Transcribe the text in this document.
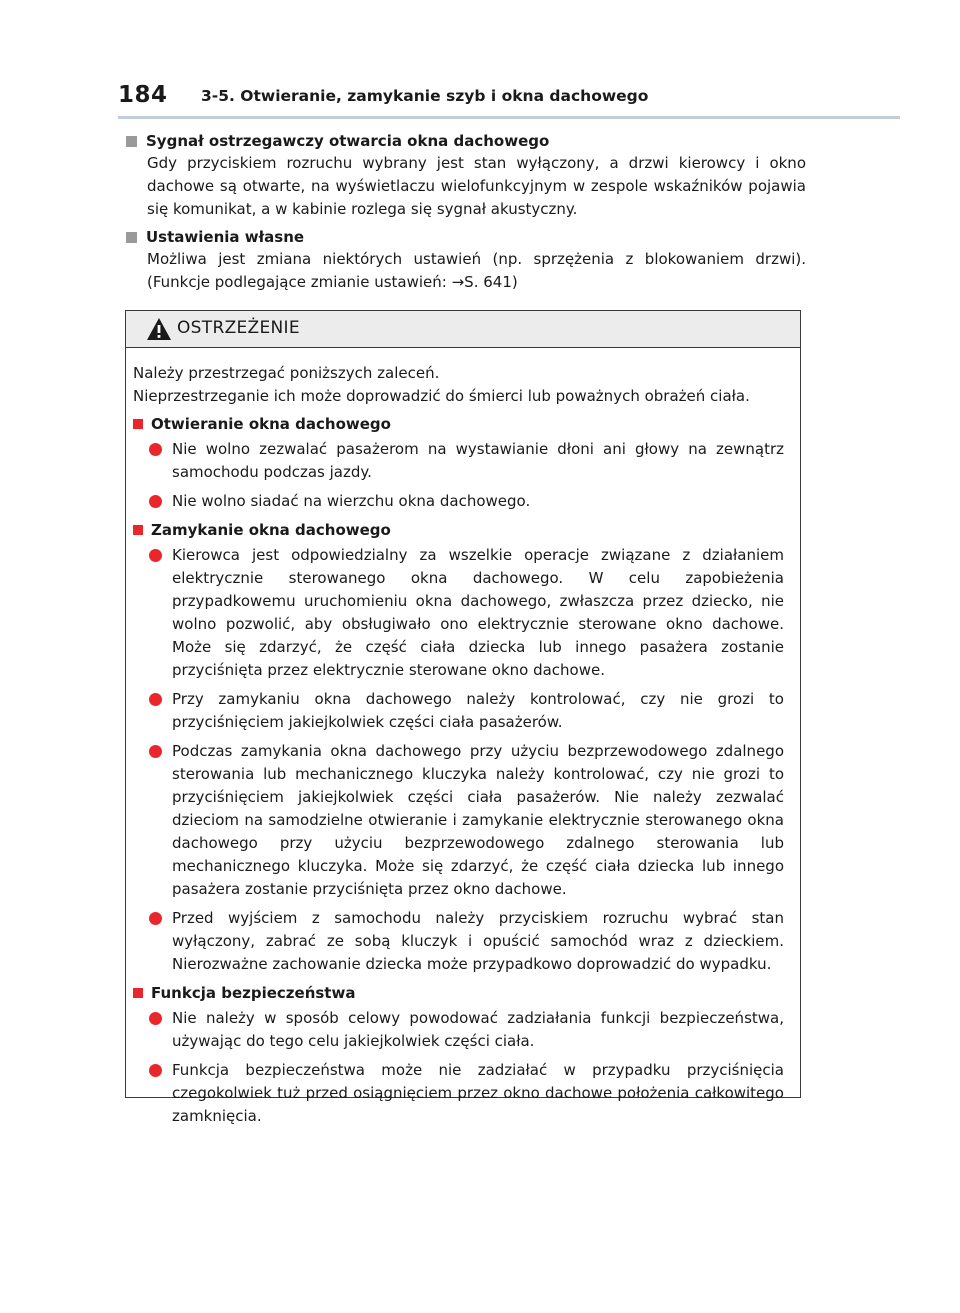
184 3-5. Otwieranie, zamykanie szyb i okna dachowego
Sygnał ostrzegawczy otwarcia okna dachowego
Gdy przyciskiem rozruchu wybrany jest stan wyłączony, a drzwi kierowcy i okno dachowe są otwarte, na wyświetlaczu wielofunkcyjnym w zespole wskaźników pojawia się komunikat, a w kabinie rozlega się sygnał akustyczny.
Ustawienia własne
Możliwa jest zmiana niektórych ustawień (np. sprzężenia z blokowaniem drzwi). (Funkcje podlegające zmianie ustawień: →S. 641)
OSTRZEŻENIE
Należy przestrzegać poniższych zaleceń.
Nieprzestrzeganie ich może doprowadzić do śmierci lub poważnych obrażeń ciała.
Otwieranie okna dachowego
Nie wolno zezwalać pasażerom na wystawianie dłoni ani głowy na zewnątrz samochodu podczas jazdy.
Nie wolno siadać na wierzchu okna dachowego.
Zamykanie okna dachowego
Kierowca jest odpowiedzialny za wszelkie operacje związane z działaniem elektrycznie sterowanego okna dachowego. W celu zapobieżenia przypadkowemu uruchomieniu okna dachowego, zwłaszcza przez dziecko, nie wolno pozwolić, aby obsługiwało ono elektrycznie sterowane okno dachowe. Może się zdarzyć, że część ciała dziecka lub innego pasażera zostanie przyciśnięta przez elektrycznie sterowane okno dachowe.
Przy zamykaniu okna dachowego należy kontrolować, czy nie grozi to przyciśnięciem jakiejkolwiek części ciała pasażerów.
Podczas zamykania okna dachowego przy użyciu bezprzewodowego zdalnego sterowania lub mechanicznego kluczyka należy kontrolować, czy nie grozi to przyciśnięciem jakiejkolwiek części ciała pasażerów. Nie należy zezwalać dzieciom na samodzielne otwieranie i zamykanie elektrycznie sterowanego okna dachowego przy użyciu bezprzewodowego zdalnego sterowania lub mechanicznego kluczyka. Może się zdarzyć, że część ciała dziecka lub innego pasażera zostanie przyciśnięta przez okno dachowe.
Przed wyjściem z samochodu należy przyciskiem rozruchu wybrać stan wyłączony, zabrać ze sobą kluczyk i opuścić samochód wraz z dzieckiem. Nierozważne zachowanie dziecka może przypadkowo doprowadzić do wypadku.
Funkcja bezpieczeństwa
Nie należy w sposób celowy powodować zadziałania funkcji bezpieczeństwa, używając do tego celu jakiejkolwiek części ciała.
Funkcja bezpieczeństwa może nie zadziałać w przypadku przyciśnięcia czegokolwiek tuż przed osiągnięciem przez okno dachowe położenia całkowitego zamknięcia.
